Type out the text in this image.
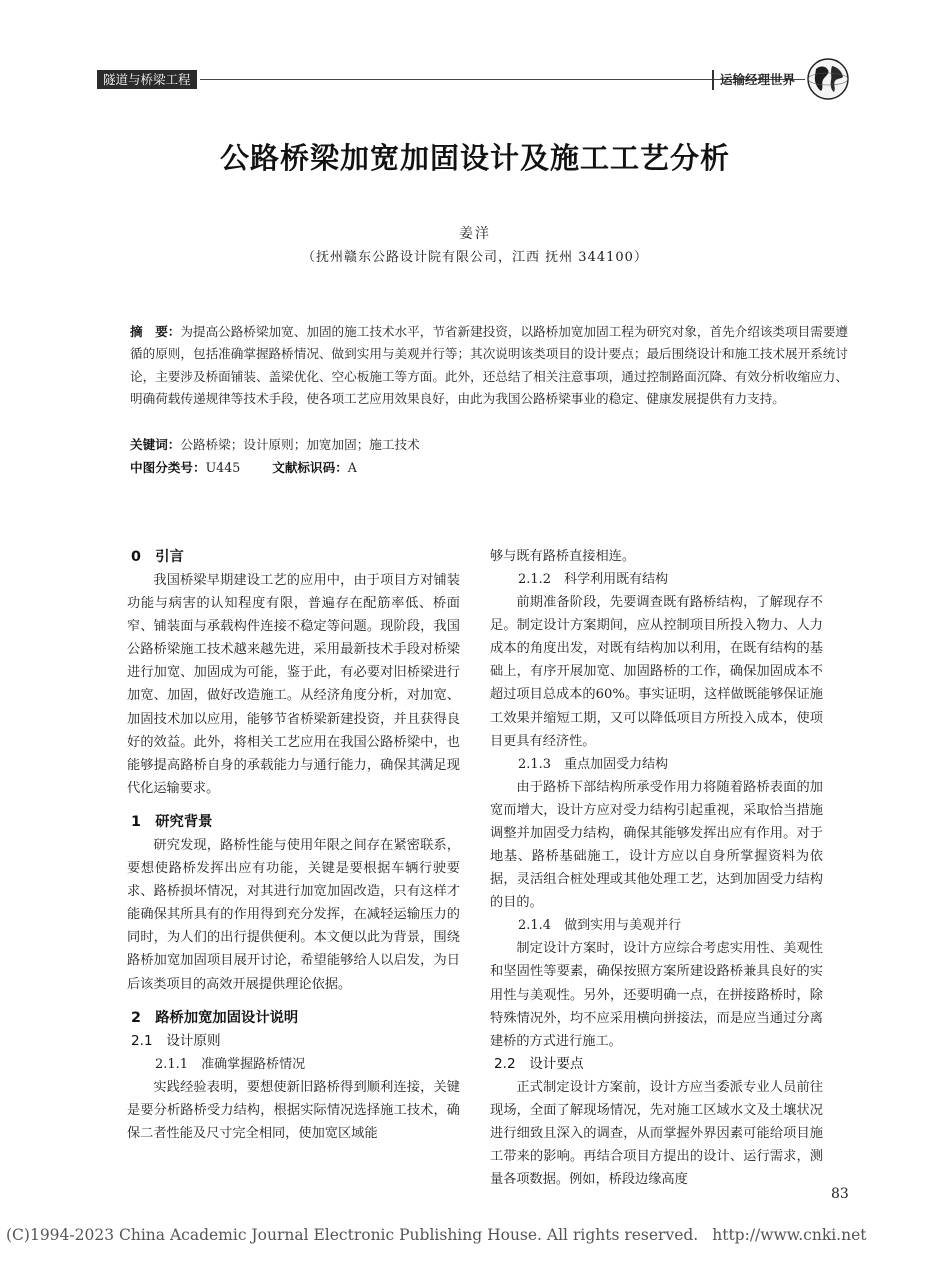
隧道与桥梁工程	运输经理世界
公路桥梁加宽加固设计及施工工艺分析
姜洋
（抚州赣东公路设计院有限公司，江西 抚州 344100）
摘　要：为提高公路桥梁加宽、加固的施工技术水平，节省新建投资，以路桥加宽加固工程为研究对象，首先介绍该类项目需要遵循的原则，包括准确掌握路桥情况、做到实用与美观并行等；其次说明该类项目的设计要点；最后围绕设计和施工技术展开系统讨论，主要涉及桥面铺装、盖梁优化、空心板施工等方面。此外，还总结了相关注意事项，通过控制路面沉降、有效分析收缩应力、明确荷载传递规律等技术手段，使各项工艺应用效果良好，由此为我国公路桥梁事业的稳定、健康发展提供有力支持。
关键词：公路桥梁；设计原则；加宽加固；施工技术
中图分类号：U445	文献标识码：A
0　引言

我国桥梁早期建设工艺的应用中，由于项目方对铺装功能与病害的认知程度有限，普遍存在配筋率低、桥面窄、铺装面与承载构件连接不稳定等问题。现阶段，我国公路桥梁施工技术越来越先进，采用最新技术手段对桥梁进行加宽、加固成为可能，鉴于此，有必要对旧桥梁进行加宽、加固，做好改造施工。从经济角度分析，对加宽、加固技术加以应用，能够节省桥梁新建投资，并且获得良好的效益。此外，将相关工艺应用在我国公路桥梁中，也能够提高路桥自身的承载能力与通行能力，确保其满足现代化运输要求。

1　研究背景

研究发现，路桥性能与使用年限之间存在紧密联系，要想使路桥发挥出应有功能，关键是要根据车辆行驶要求、路桥损坏情况，对其进行加宽加固改造，只有这样才能确保其所具有的作用得到充分发挥，在减轻运输压力的同时，为人们的出行提供便利。本文便以此为背景，围绕路桥加宽加固项目展开讨论，希望能够给人以启发，为日后该类项目的高效开展提供理论依据。

2　路桥加宽加固设计说明
2.1　设计原则
2.1.1　准确掌握路桥情况

实践经验表明，要想使新旧路桥得到顺利连接，关键是要分析路桥受力结构，根据实际情况选择施工技术，确保二者性能及尺寸完全相同，使加宽区域能

够与既有路桥直接相连。

2.1.2　科学利用既有结构

前期准备阶段，先要调查既有路桥结构，了解现存不足。制定设计方案期间，应从控制项目所投入物力、人力成本的角度出发，对既有结构加以利用，在既有结构的基础上，有序开展加宽、加固路桥的工作，确保加固成本不超过项目总成本的60%。事实证明，这样做既能够保证施工效果并缩短工期，又可以降低项目方所投入成本，使项目更具有经济性。

2.1.3　重点加固受力结构

由于路桥下部结构所承受作用力将随着路桥表面的加宽而增大，设计方应对受力结构引起重视，采取恰当措施调整并加固受力结构，确保其能够发挥出应有作用。对于地基、路桥基础施工，设计方应以自身所掌握资料为依据，灵活组合桩处理或其他处理工艺，达到加固受力结构的目的。

2.1.4　做到实用与美观并行

制定设计方案时，设计方应综合考虑实用性、美观性和坚固性等要素，确保按照方案所建设路桥兼具良好的实用性与美观性。另外，还要明确一点，在拼接路桥时，除特殊情况外，均不应采用横向拼接法，而是应当通过分离建桥的方式进行施工。

2.2　设计要点

正式制定设计方案前，设计方应当委派专业人员前往现场，全面了解现场情况，先对施工区域水文及土壤状况进行细致且深入的调查，从而掌握外界因素可能给项目施工带来的影响。再结合项目方提出的设计、运行需求，测量各项数据。例如，桥段边缘高度

83
(C)1994-2023 China Academic Journal Electronic Publishing House. All rights reserved. http://www.cnki.net
